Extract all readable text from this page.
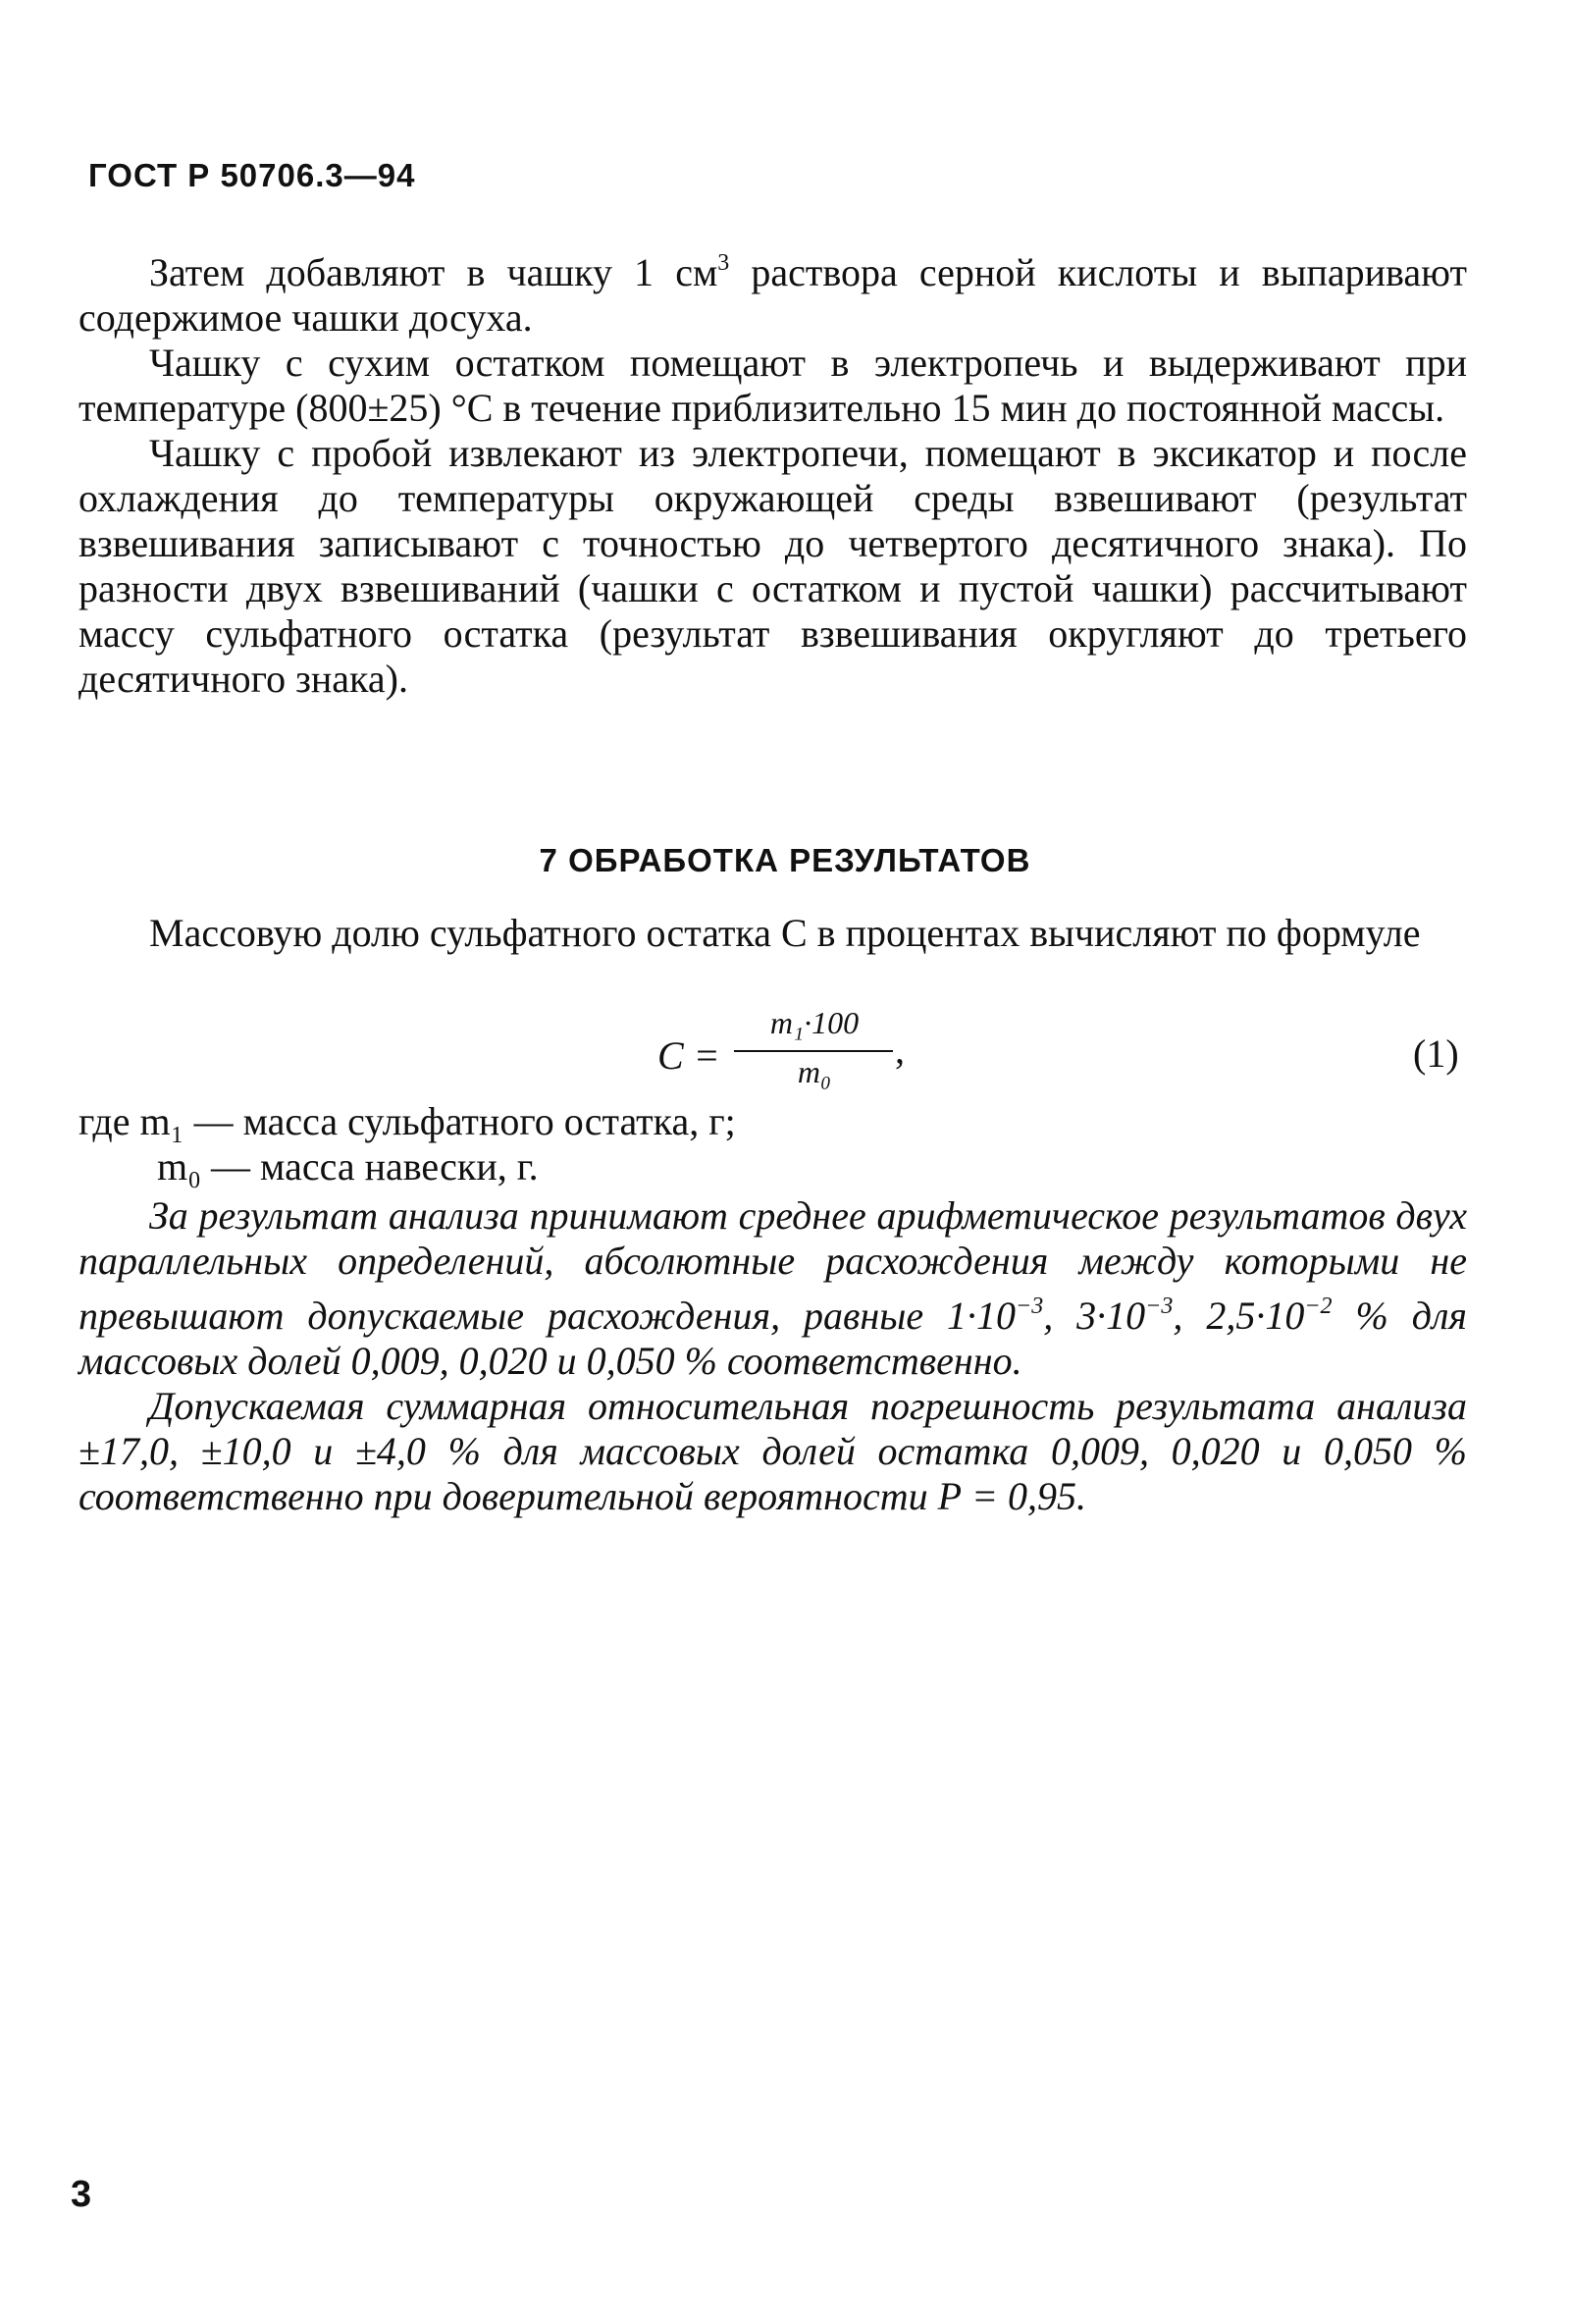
ГОСТ Р 50706.3—94

Затем добавляют в чашку 1 $см^3$ раствора серной кислоты и выпаривают содержимое чашки досуха.

Чашку с сухим остатком помещают в электропечь и выдерживают при температуре (800±25) °С в течение приблизительно 15 мин до постоянной массы.

Чашку с пробой извлекают из электропечи, помещают в эксикатор и после охлаждения до температуры окружающей среды взвешивают (результат взвешивания записывают с точностью до четвертого десятичного знака). По разности двух взвешиваний (чашки с остатком и пустой чашки) рассчитывают массу сульфатного остатка (результат взвешивания округляют до третьего десятичного знака).

7 ОБРАБОТКА РЕЗУЛЬТАТОВ

Массовую долю сульфатного остатка С в процентах вычисляют по формуле

С =
m₁·100
m₀	,	(1)
где m₁ — масса сульфатного остатка, г;
m₀ — масса навески, г.

За результат анализа принимают среднее арифметическое результатов двух параллельных определений, абсолютные расхождения между которыми не превышают допускаемые расхождения, равные $1\cdot 10^{-3}$, $3\cdot 10^{-3}$, $2,5\cdot 10^{-2}$ % для массовых долей 0,009, 0,020 и 0,050 % соответственно.

Допускаемая суммарная относительная погрешность результата анализа ±17,0, ±10,0 и ±4,0 % для массовых долей остатка 0,009, 0,020 и 0,050 % соответственно при доверительной вероятности Р = 0,95.

3
